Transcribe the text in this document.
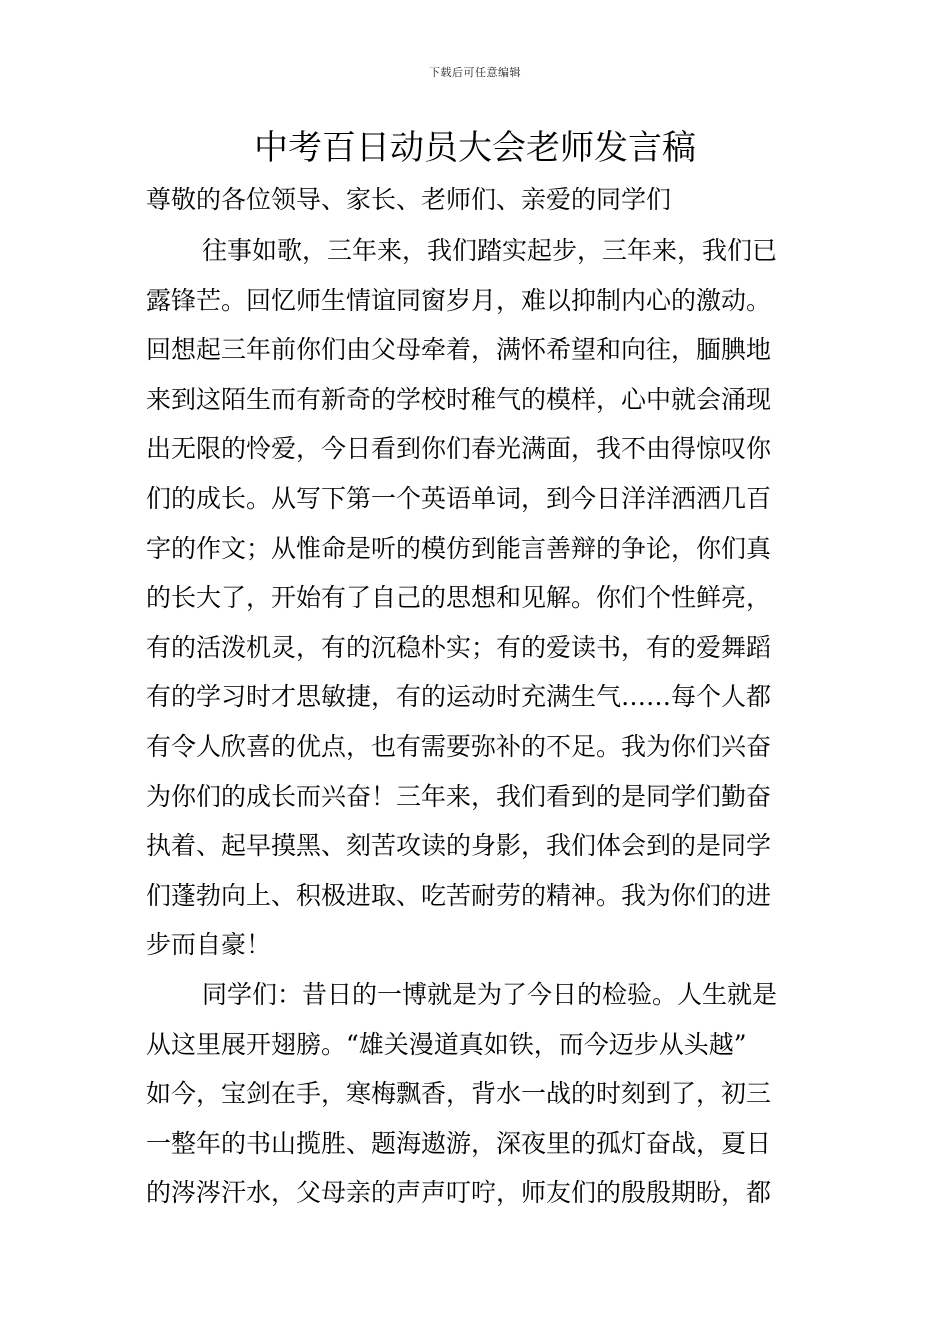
下载后可任意编辑
中考百日动员大会老师发言稿

尊敬的各位领导、家长、老师们、亲爱的同学们

往事如歌，三年来，我们踏实起步，三年来，我们已
露锋芒。回忆师生情谊同窗岁月，难以抑制内心的激动。
回想起三年前你们由父母牵着，满怀希望和向往，腼腆地
来到这陌生而有新奇的学校时稚气的模样，心中就会涌现
出无限的怜爱，今日看到你们春光满面，我不由得惊叹你
们的成长。从写下第一个英语单词，到今日洋洋洒洒几百
字的作文；从惟命是听的模仿到能言善辩的争论，你们真
的长大了，开始有了自己的思想和见解。你们个性鲜亮，
有的活泼机灵，有的沉稳朴实；有的爱读书，有的爱舞蹈
有的学习时才思敏捷，有的运动时充满生气……每个人都
有令人欣喜的优点，也有需要弥补的不足。我为你们兴奋
为你们的成长而兴奋！三年来，我们看到的是同学们勤奋
执着、起早摸黑、刻苦攻读的身影，我们体会到的是同学
们蓬勃向上、积极进取、吃苦耐劳的精神。我为你们的进
步而自豪！
同学们：昔日的一博就是为了今日的检验。人生就是
从这里展开翅膀。“雄关漫道真如铁，而今迈步从头越”
如今，宝剑在手，寒梅飘香，背水一战的时刻到了，初三
一整年的书山揽胜、题海遨游，深夜里的孤灯奋战，夏日
的涔涔汗水，父母亲的声声叮咛，师友们的殷殷期盼，都
